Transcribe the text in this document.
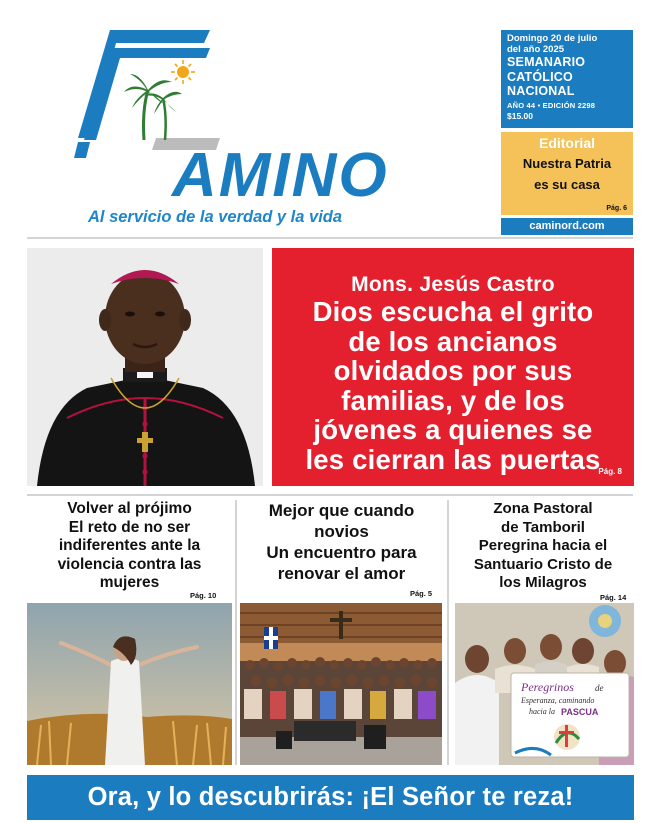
AMINO
Al servicio de la verdad y la vida
Domingo 20 de julio
del año 2025
SEMANARIO
CATÓLICO
NACIONAL
AÑO 44 • EDICIÓN 2298
$15.00
Editorial
Nuestra Patria
es su casa
Pág. 6
caminord.com
Mons. Jesús Castro
Dios escucha el grito
de los ancianos
olvidados por sus
familias, y de los
jóvenes a quienes se
les cierran las puertas
Pág. 8
Volver al prójimo
El reto de no ser
indiferentes ante la
violencia contra las
mujeres
Pág. 10
Mejor que cuando
novios
Un encuentro para
renovar el amor
Pág. 5
Zona Pastoral
de Tamboril
Peregrina hacia el
Santuario Cristo de
los Milagros
Pág. 14
Peregrinos de
Esperanza, caminando
hacia la PASCUA
Ora, y lo descubrirás: ¡El Señor te reza!
